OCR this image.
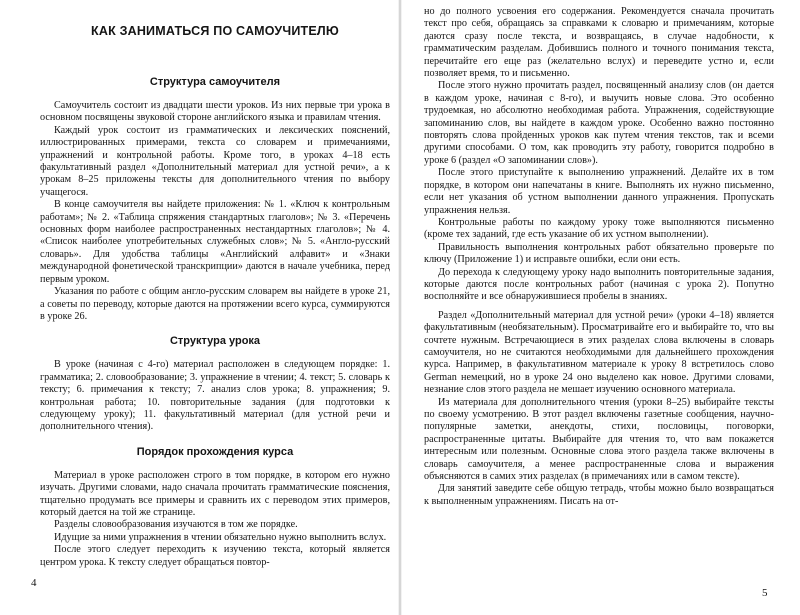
КАК ЗАНИМАТЬСЯ ПО САМОУЧИТЕЛЮ
Структура самоучителя

Самоучитель состоит из двадцати шести уроков. Из них первые три урока в основном посвящены звуковой стороне английского языка и правилам чтения.

Каждый урок состоит из грамматических и лексических пояснений, иллюстрированных примерами, текста со словарем и примечаниями, упражнений и контрольной работы. Кроме того, в уроках 4–18 есть факультативный раздел «Дополнительный материал для устной речи», а к урокам 8–25 приложены тексты для дополнительного чтения по выбору учащегося.

В конце самоучителя вы найдете приложения: № 1. «Ключ к контрольным работам»; № 2. «Таблица спряжения стандартных глаголов»; № 3. «Перечень основных форм наиболее распространенных нестандартных глаголов»; № 4. «Список наиболее употребительных служебных слов»; № 5. «Англо-русский словарь». Для удобства таблицы «Английский алфавит» и «Знаки международной фонетической транскрипции» даются в начале учебника, перед первым уроком.

Указания по работе с общим англо-русским словарем вы найдете в уроке 21, а советы по переводу, которые даются на протяжении всего курса, суммируются в уроке 26.

Структура урока

В уроке (начиная с 4-го) материал расположен в следующем порядке: 1. грамматика; 2. словообразование; 3. упражнение в чтении; 4. текст; 5. словарь к тексту; 6. примечания к тексту; 7. анализ слов урока; 8. упражнения; 9. контрольная работа; 10. повторительные задания (для подготовки к следующему уроку); 11. факультативный материал (для устной речи и дополнительного чтения).

Порядок прохождения курса

Материал в уроке расположен строго в том порядке, в котором его нужно изучать. Другими словами, надо сначала прочитать грамматические пояснения, тщательно продумать все примеры и сравнить их с переводом этих примеров, который дается на той же странице.

Разделы словообразования изучаются в том же порядке.

Идущие за ними упражнения в чтении обязательно нужно выполнить вслух.

После этого следует переходить к изучению текста, который является центром урока. К тексту следует обращаться повтор-

но до полного усвоения его содержания. Рекомендуется сначала прочитать текст про себя, обращаясь за справками к словарю и примечаниям, которые даются сразу после текста, и возвращаясь, в случае надобности, к грамматическим разделам. Добившись полного и точного понимания текста, перечитайте его еще раз (желательно вслух) и переведите устно и, если позволяет время, то и письменно.

После этого нужно прочитать раздел, посвященный анализу слов (он дается в каждом уроке, начиная с 8-го), и выучить новые слова. Это особенно трудоемкая, но абсолютно необходимая работа. Упражнения, содействующие запоминанию слов, вы найдете в каждом уроке. Особенно важно постоянно повторять слова пройденных уроков как путем чтения текстов, так и всеми другими способами. О том, как проводить эту работу, говорится подробно в уроке 6 (раздел «О запоминании слов»).

После этого приступайте к выполнению упражнений. Делайте их в том порядке, в котором они напечатаны в книге. Выполнять их нужно письменно, если нет указания об устном выполнении данного упражнения. Пропускать упражнения нельзя.

Контрольные работы по каждому уроку тоже выполняются письменно (кроме тех заданий, где есть указание об их устном выполнении).

Правильность выполнения контрольных работ обязательно проверьте по ключу (Приложение 1) и исправьте ошибки, если они есть.

До перехода к следующему уроку надо выполнить повторительные задания, которые даются после контрольных работ (начиная с урока 2). Попутно восполняйте и все обнаружившиеся пробелы в знаниях.

Раздел «Дополнительный материал для устной речи» (уроки 4–18) является факультативным (необязательным). Просматривайте его и выбирайте то, что вы сочтете нужным. Встречающиеся в этих разделах слова включены в словарь самоучителя, но не считаются необходимыми для дальнейшего прохождения курса. Например, в факультативном материале к уроку 8 встретилось слово German немецкий, но в уроке 24 оно выделено как новое. Другими словами, незнание слов этого раздела не мешает изучению основного материала.

Из материала для дополнительного чтения (уроки 8–25) выбирайте тексты по своему усмотрению. В этот раздел включены газетные сообщения, научно-популярные заметки, анекдоты, стихи, пословицы, поговорки, распространенные цитаты. Выбирайте для чтения то, что вам покажется интересным или полезным. Основные слова этого раздела также включены в словарь самоучителя, а менее распространенные слова и выражения объясняются в самих этих разделах (в примечаниях или в самом тексте).

Для занятий заведите себе общую тетрадь, чтобы можно было возвращаться к выполненным упражнениям. Писать на от-

4
5
